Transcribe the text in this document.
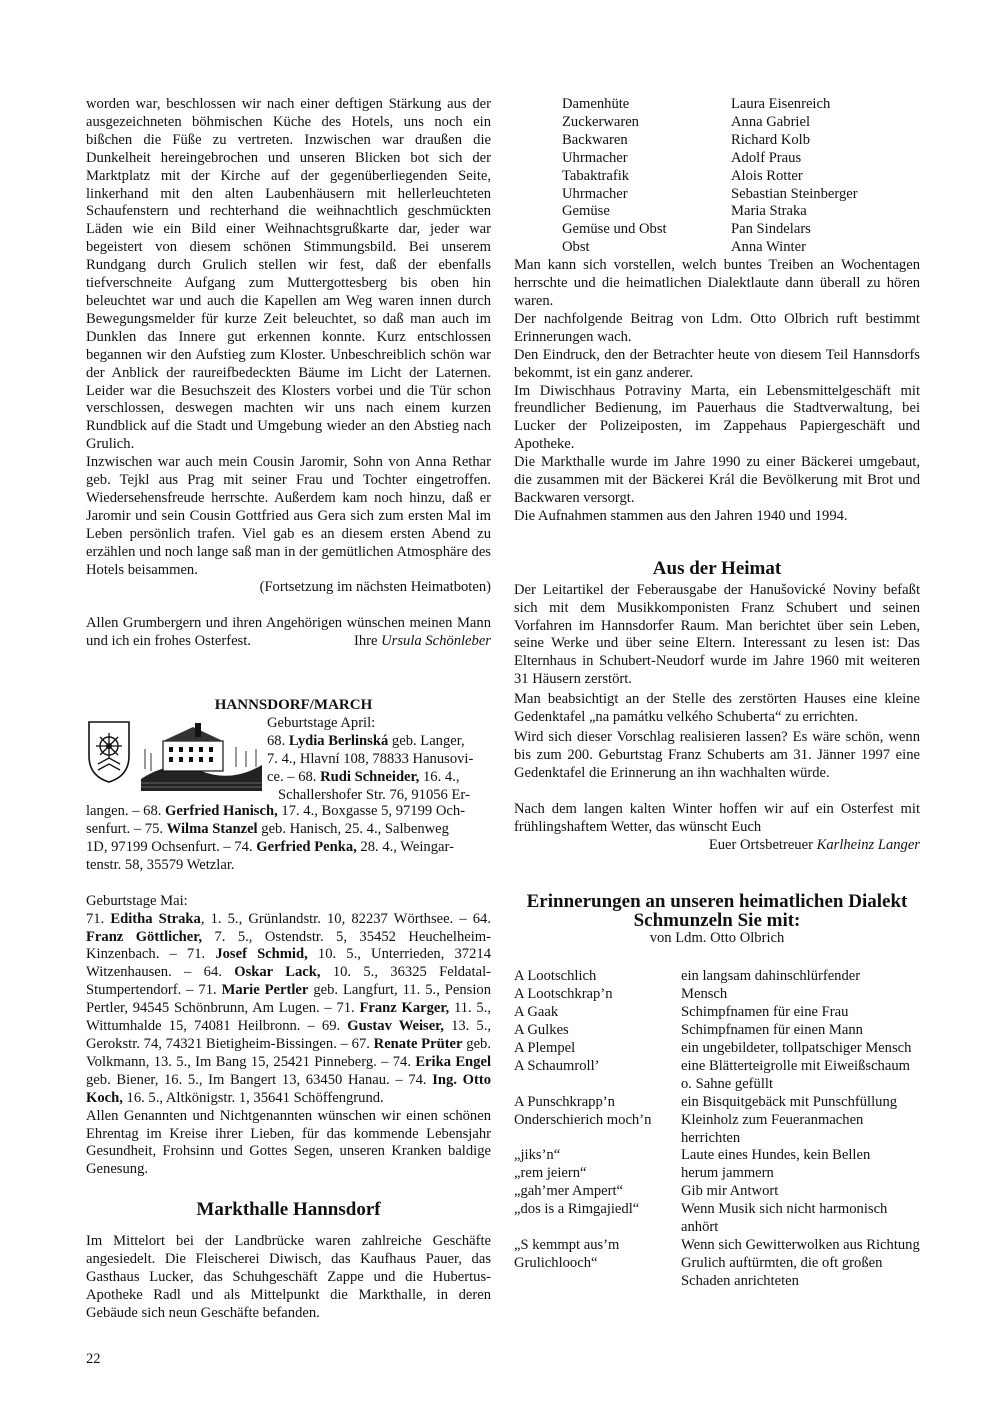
worden war, beschlossen wir nach einer deftigen Stärkung aus der ausgezeichneten böhmischen Küche des Hotels, uns noch ein bißchen die Füße zu vertreten. Inzwischen war draußen die Dunkelheit hereingebrochen und unseren Blicken bot sich der Marktplatz mit der Kirche auf der gegenüberliegenden Seite, linkerhand mit den alten Laubenhäusern mit hellerleuchteten Schaufenstern und rechterhand die weihnachtlich geschmückten Läden wie ein Bild einer Weihnachtsgrußkarte dar, jeder war begeistert von diesem schönen Stimmungsbild. Bei unserem Rundgang durch Grulich stellen wir fest, daß der ebenfalls tiefverschneite Aufgang zum Muttergottesberg bis oben hin beleuchtet war und auch die Kapellen am Weg waren innen durch Bewegungsmelder für kurze Zeit beleuchtet, so daß man auch im Dunklen das Innere gut erkennen konnte. Kurz entschlossen begannen wir den Aufstieg zum Kloster. Unbeschreiblich schön war der Anblick der raureifbedeckten Bäume im Licht der Laternen. Leider war die Besuchszeit des Klosters vorbei und die Tür schon verschlossen, deswegen machten wir uns nach einem kurzen Rundblick auf die Stadt und Umgebung wieder an den Abstieg nach Grulich.

Inzwischen war auch mein Cousin Jaromir, Sohn von Anna Rethar geb. Tejkl aus Prag mit seiner Frau und Tochter eingetroffen. Wiedersehensfreude herrschte. Außerdem kam noch hinzu, daß er Jaromir und sein Cousin Gottfried aus Gera sich zum ersten Mal im Leben persönlich trafen. Viel gab es an diesem ersten Abend zu erzählen und noch lange saß man in der gemütlichen Atmosphäre des Hotels beisammen.

(Fortsetzung im nächsten Heimatboten)

Allen Grumbergern und ihren Angehörigen wünschen meinen Mann und ich ein frohes Osterfest.	Ihre Ursula Schönleber

HANNSDORF/MARCH

Geburtstage April:

68. Lydia Berlinská geb. Langer,

7. 4., Hlavní 108, 78833 Hanusovi-

ce. – 68. Rudi Schneider, 16. 4.,

Schallershofer Str. 76, 91056 Er-

langen. – 68. Gerfried Hanisch, 17. 4., Boxgasse 5, 97199 Och-

senfurt. – 75. Wilma Stanzel geb. Hanisch, 25. 4., Salbenweg

1D, 97199 Ochsenfurt. – 74. Gerfried Penka, 28. 4., Weingar-

tenstr. 58, 35579 Wetzlar.

Geburtstage Mai:

71. Editha Straka, 1. 5., Grünlandstr. 10, 82237 Wörthsee. – 64. Franz Göttlicher, 7. 5., Ostendstr. 5, 35452 Heuchelheim-Kinzenbach. – 71. Josef Schmid, 10. 5., Unterrieden, 37214 Witzenhausen. – 64. Oskar Lack, 10. 5., 36325 Feldatal-Stumpertendorf. – 71. Marie Pertler geb. Langfurt, 11. 5., Pension Pertler, 94545 Schönbrunn, Am Lugen. – 71. Franz Karger, 11. 5., Wittumhalde 15, 74081 Heilbronn. – 69. Gustav Weiser, 13. 5., Gerokstr. 74, 74321 Bietigheim-Bissingen. – 67. Renate Prüter geb. Volkmann, 13. 5., Im Bang 15, 25421 Pinneberg. – 74. Erika Engel geb. Biener, 16. 5., Im Bangert 13, 63450 Hanau. – 74. Ing. Otto Koch, 16. 5., Altkönigstr. 1, 35641 Schöffengrund.

Allen Genannten und Nichtgenannten wünschen wir einen schönen Ehrentag im Kreise ihrer Lieben, für das kommende Lebensjahr Gesundheit, Frohsinn und Gottes Segen, unseren Kranken baldige Genesung.

Markthalle Hannsdorf

Im Mittelort bei der Landbrücke waren zahlreiche Geschäfte angesiedelt. Die Fleischerei Diwisch, das Kaufhaus Pauer, das Gasthaus Lucker, das Schuhgeschäft Zappe und die Hubertus-Apotheke Radl und als Mittelpunkt die Markthalle, in deren Gebäude sich neun Geschäfte befanden.

Damenhüte	Laura Eisenreich
Zuckerwaren	Anna Gabriel
Backwaren	Richard Kolb
Uhrmacher	Adolf Praus
Tabaktrafik	Alois Rotter
Uhrmacher	Sebastian Steinberger
Gemüse	Maria Straka
Gemüse und Obst	Pan Sindelars
Obst	Anna Winter

Man kann sich vorstellen, welch buntes Treiben an Wochentagen herrschte und die heimatlichen Dialektlaute dann überall zu hören waren.

Der nachfolgende Beitrag von Ldm. Otto Olbrich ruft bestimmt Erinnerungen wach.

Den Eindruck, den der Betrachter heute von diesem Teil Hannsdorfs bekommt, ist ein ganz anderer.

Im Diwischhaus Potraviny Marta, ein Lebensmittelgeschäft mit freundlicher Bedienung, im Pauerhaus die Stadtverwaltung, bei Lucker der Polizeiposten, im Zappehaus Papiergeschäft und Apotheke.

Die Markthalle wurde im Jahre 1990 zu einer Bäckerei umgebaut, die zusammen mit der Bäckerei Král die Bevölkerung mit Brot und Backwaren versorgt.

Die Aufnahmen stammen aus den Jahren 1940 und 1994.

Aus der Heimat

Der Leitartikel der Feberausgabe der Hanušovické Noviny befaßt sich mit dem Musikkomponisten Franz Schubert und seinen Vorfahren im Hannsdorfer Raum. Man berichtet über sein Leben, seine Werke und über seine Eltern. Interessant zu lesen ist: Das Elternhaus in Schubert-Neudorf wurde im Jahre 1960 mit weiteren 31 Häusern zerstört.

Man beabsichtigt an der Stelle des zerstörten Hauses eine kleine Gedenktafel „na památku velkého Schuberta“ zu errichten.

Wird sich dieser Vorschlag realisieren lassen? Es wäre schön, wenn bis zum 200. Geburtstag Franz Schuberts am 31. Jänner 1997 eine Gedenktafel die Erinnerung an ihn wachhalten würde.

Nach dem langen kalten Winter hoffen wir auf ein Osterfest mit frühlingshaftem Wetter, das wünscht Euch

Euer Ortsbetreuer Karlheinz Langer

Erinnerungen an unseren heimatlichen Dialekt

Schmunzeln Sie mit:

von Ldm. Otto Olbrich

A Lootschlich	ein langsam dahinschlürfender
A Lootschkrap’n	Mensch
A Gaak	Schimpfnamen für eine Frau
A Gulkes	Schimpfnamen für einen Mann
A Plempel	ein ungebildeter, tollpatschiger Mensch
A Schaumroll’	eine Blätterteigrolle mit Eiweißschaum o. Sahne gefüllt
A Punschkrapp’n	ein Bisquitgebäck mit Punschfüllung
Onderschierich moch’n	Kleinholz zum Feueranmachen herrichten
„jiks’n“	Laute eines Hundes, kein Bellen
„rem jeiern“	herum jammern
„gah’mer Ampert“	Gib mir Antwort
„dos is a Rimgajiedl“	Wenn Musik sich nicht harmonisch anhört
„S kemmpt aus’m Grulichlooch“	Wenn sich Gewitterwolken aus Richtung Grulich auftürmten, die oft großen Schaden anrichteten
22
